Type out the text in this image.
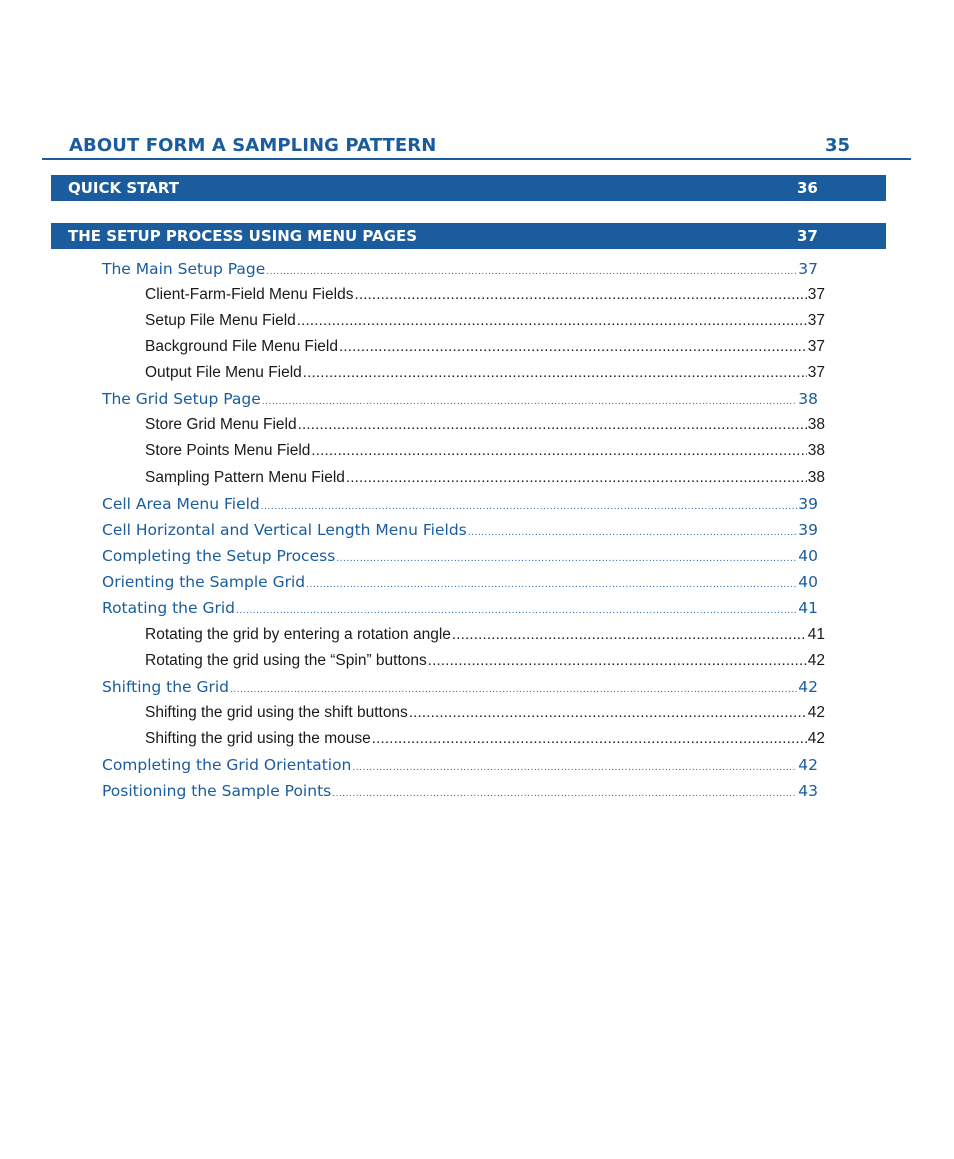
ABOUT FORM A SAMPLING PATTERN	35
QUICK START	36
THE SETUP PROCESS USING MENU PAGES	37
The Main Setup Page .....	37
Client-Farm-Field Menu Fields .....	37
Setup File Menu Field .....	37
Background File Menu Field .....	37
Output File Menu Field .....	37
The Grid Setup Page .....	38
Store Grid Menu Field .....	38
Store Points Menu Field .....	38
Sampling Pattern Menu Field .....	38
Cell Area Menu Field .....	39
Cell Horizontal and Vertical Length Menu Fields .....	39
Completing the Setup Process .....	40
Orienting the Sample Grid .....	40
Rotating the Grid .....	41
Rotating the grid by entering a rotation angle .....	41
Rotating the grid using the “Spin” buttons .....	42
Shifting the Grid .....	42
Shifting the grid using the shift buttons .....	42
Shifting the grid using the mouse .....	42
Completing the Grid Orientation .....	42
Positioning the Sample Points .....	43
